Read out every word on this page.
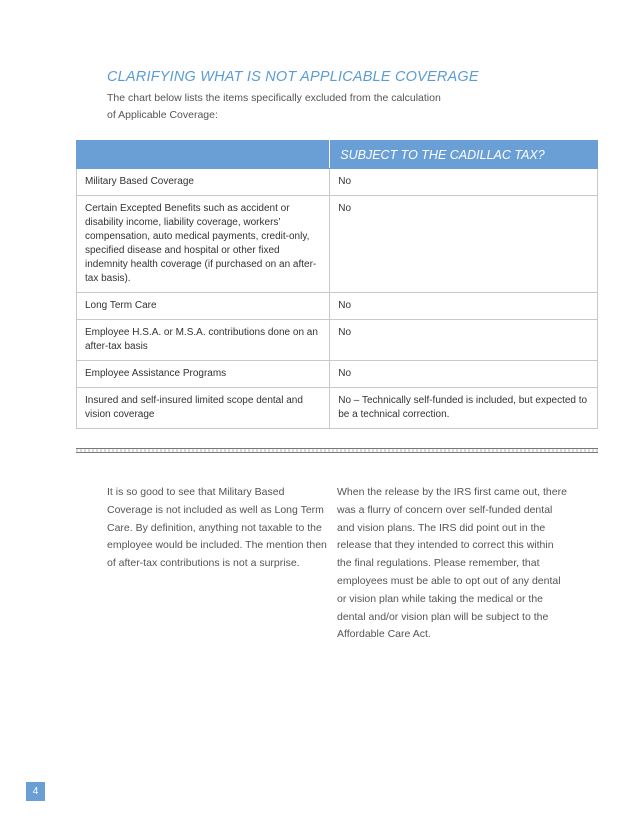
CLARIFYING WHAT IS NOT APPLICABLE COVERAGE
The chart below lists the items specifically excluded from the calculation
of Applicable Coverage:
	SUBJECT TO THE CADILLAC TAX?
Military Based Coverage	No
Certain Excepted Benefits such as accident or disability income, liability coverage, workers’ compensation, auto medical payments, credit-only, specified disease and hospital or other fixed indemnity health coverage (if purchased on an after-tax basis).	No
Long Term Care	No
Employee H.S.A. or M.S.A. contributions done on an after-tax basis	No
Employee Assistance Programs	No
Insured and self-insured limited scope dental and vision coverage	No – Technically self-funded is included, but expected to be a technical correction.
It is so good to see that Military Based Coverage is not included as well as Long Term Care. By definition, anything not taxable to the employee would be included. The mention then of after-tax contributions is not a surprise.
When the release by the IRS first came out, there was a flurry of concern over self-funded dental and vision plans. The IRS did point out in the release that they intended to correct this within the final regulations. Please remember, that employees must be able to opt out of any dental or vision plan while taking the medical or the dental and/or vision plan will be subject to the Affordable Care Act.
4
